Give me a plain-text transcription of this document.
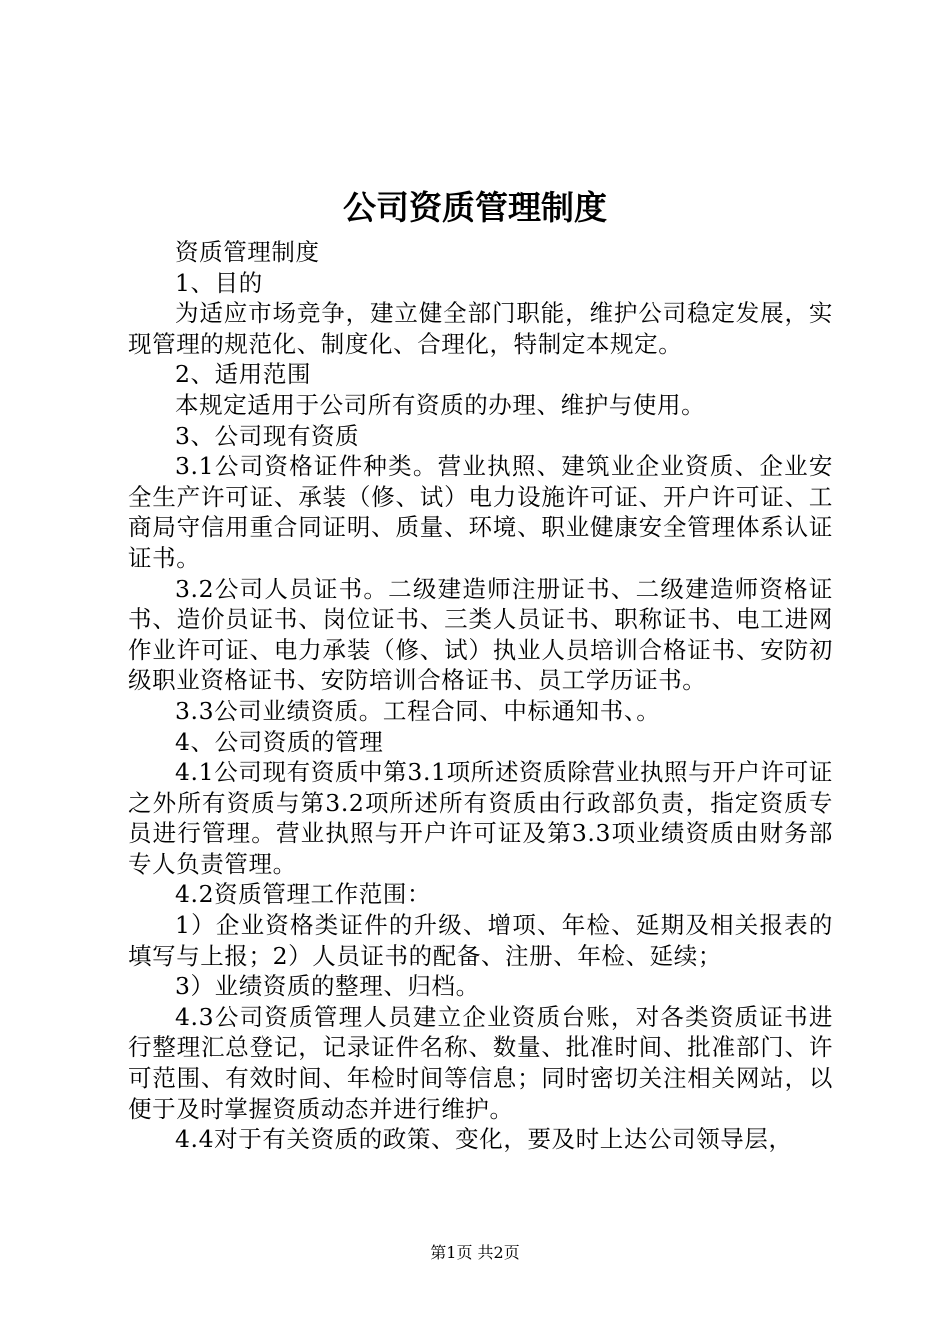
公司资质管理制度

资质管理制度

1、目的

为适应市场竞争，建立健全部门职能，维护公司稳定发展，实现管理的规范化、制度化、合理化，特制定本规定。

2、适用范围

本规定适用于公司所有资质的办理、维护与使用。

3、公司现有资质

3.1公司资格证件种类。营业执照、建筑业企业资质、企业安全生产许可证、承装（修、试）电力设施许可证、开户许可证、工商局守信用重合同证明、质量、环境、职业健康安全管理体系认证证书。

3.2公司人员证书。二级建造师注册证书、二级建造师资格证书、造价员证书、岗位证书、三类人员证书、职称证书、电工进网作业许可证、电力承装（修、试）执业人员培训合格证书、安防初级职业资格证书、安防培训合格证书、员工学历证书。

3.3公司业绩资质。工程合同、中标通知书、。

4、公司资质的管理

4.1公司现有资质中第3.1项所述资质除营业执照与开户许可证之外所有资质与第3.2项所述所有资质由行政部负责，指定资质专员进行管理。营业执照与开户许可证及第3.3项业绩资质由财务部专人负责管理。

4.2资质管理工作范围：

1）企业资格类证件的升级、增项、年检、延期及相关报表的填写与上报；2）人员证书的配备、注册、年检、延续；

3）业绩资质的整理、归档。

4.3公司资质管理人员建立企业资质台账，对各类资质证书进行整理汇总登记，记录证件名称、数量、批准时间、批准部门、许可范围、有效时间、年检时间等信息；同时密切关注相关网站，以便于及时掌握资质动态并进行维护。

4.4对于有关资质的政策、变化，要及时上达公司领导层，

第1页 共2页
